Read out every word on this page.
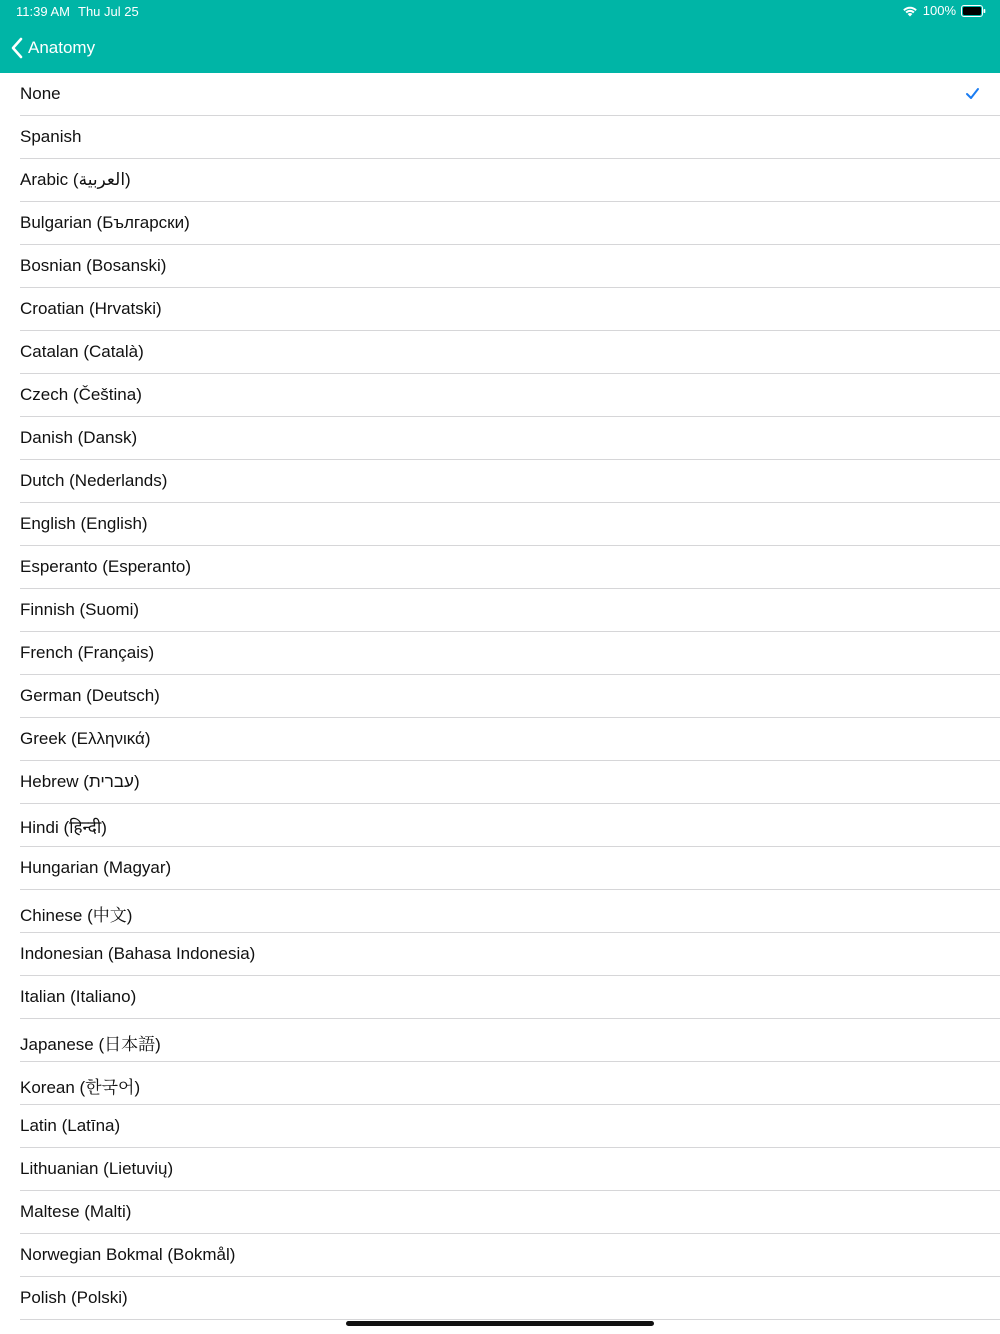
11:39 AM Thu Jul 25	100%
Anatomy
None
Spanish
Arabic (العربية)
Bulgarian (Български)
Bosnian (Bosanski)
Croatian (Hrvatski)
Catalan (Català)
Czech (Čeština)
Danish (Dansk)
Dutch (Nederlands)
English (English)
Esperanto (Esperanto)
Finnish (Suomi)
French (Français)
German (Deutsch)
Greek (Ελληνικά)
Hebrew (עברית)
Hindi (हिन्दी)
Hungarian (Magyar)
Chinese (中文)
Indonesian (Bahasa Indonesia)
Italian (Italiano)
Japanese (日本語)
Korean (한국어)
Latin (Latīna)
Lithuanian (Lietuvių)
Maltese (Malti)
Norwegian Bokmal (Bokmål)
Polish (Polski)
